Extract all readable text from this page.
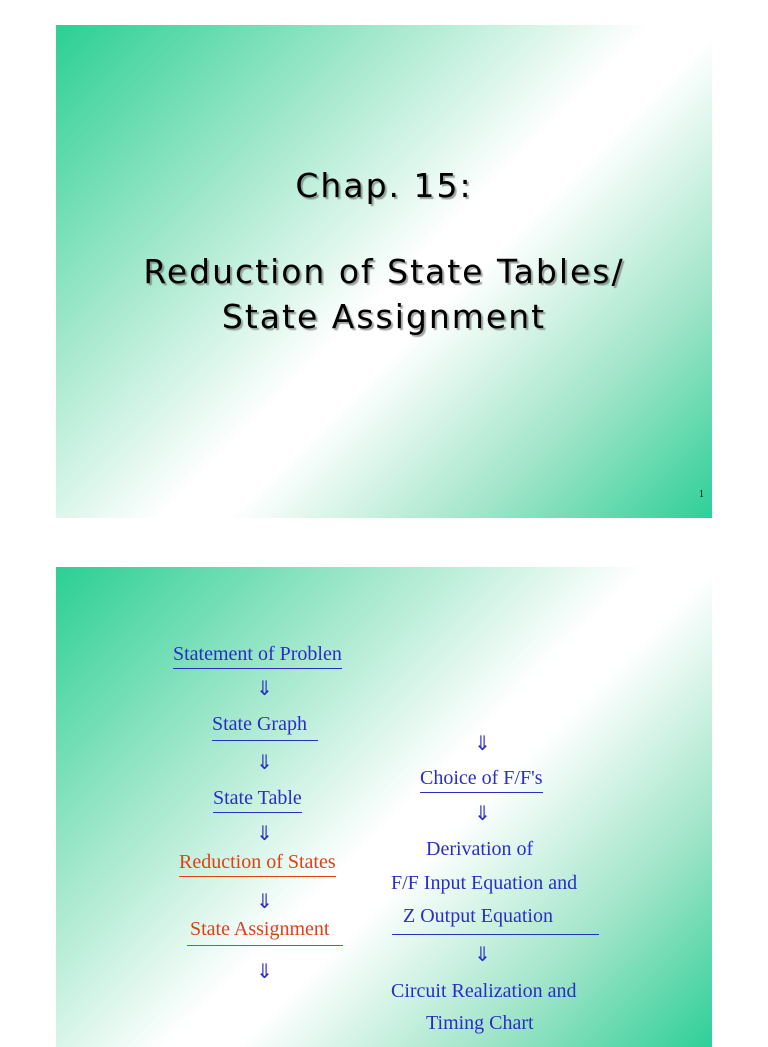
Chap. 15:
Reduction of State Tables/
State Assignment
1
Statement of Problen
⇓
State Graph
⇓
State Table
⇓
Reduction of States
⇓
State Assignment
⇓
⇓
Choice of F/F's
⇓
Derivation of
F/F Input Equation and
Z Output Equation
⇓
Circuit Realization and
Timing Chart
